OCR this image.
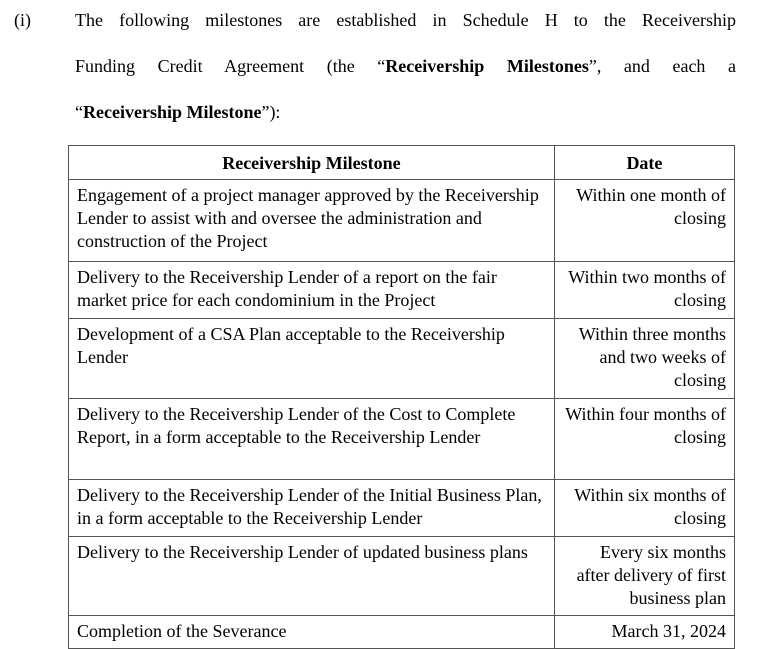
(i) The following milestones are established in Schedule H to the Receivership
Funding Credit Agreement (the “Receivership Milestones”, and each a
“Receivership Milestone”):
Receivership Milestone	Date
Engagement of a project manager approved by the Receivership Lender to assist with and oversee the administration and construction of the Project	Within one month of closing
Delivery to the Receivership Lender of a report on the fair market price for each condominium in the Project	Within two months of closing
Development of a CSA Plan acceptable to the Receivership Lender	Within three months and two weeks of closing
Delivery to the Receivership Lender of the Cost to Complete Report, in a form acceptable to the Receivership Lender	Within four months of closing
Delivery to the Receivership Lender of the Initial Business Plan, in a form acceptable to the Receivership Lender	Within six months of closing
Delivery to the Receivership Lender of updated business plans	Every six months after delivery of first business plan
Completion of the Severance	March 31, 2024
